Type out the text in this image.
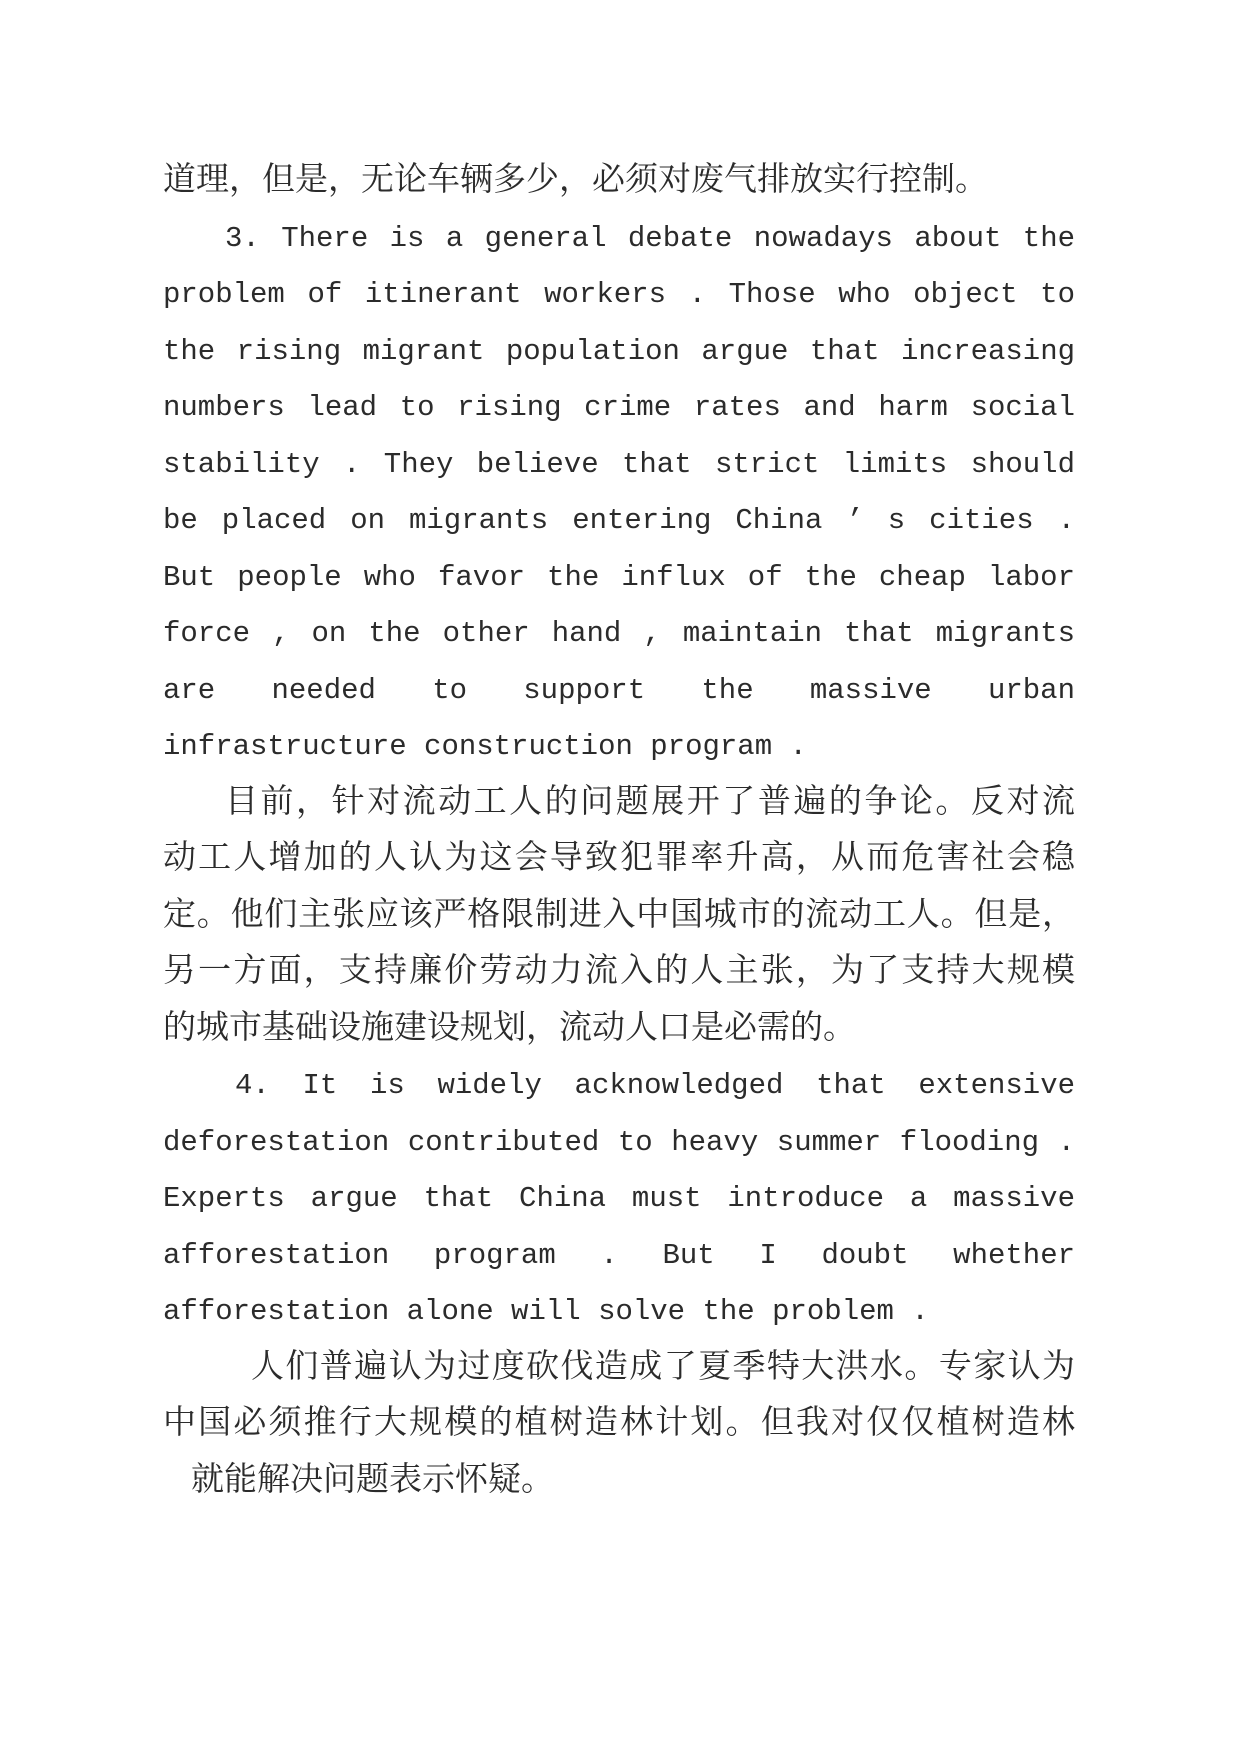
道理，但是，无论车辆多少，必须对废气排放实行控制。
3. There is a general debate nowadays about the
problem of itinerant workers . Those who object to
the rising migrant population argue that increasing
numbers lead to rising crime rates and harm social
stability . They believe that strict limits should
be placed on migrants entering China ’ s cities .
But people who favor the influx of the cheap labor
force , on the other hand , maintain that migrants
are needed to support the massive urban
infrastructure construction program .
目前，针对流动工人的问题展开了普遍的争论。反对流
动工人增加的人认为这会导致犯罪率升高，从而危害社会稳
定。他们主张应该严格限制进入中国城市的流动工人。但是，
另一方面，支持廉价劳动力流入的人主张，为了支持大规模
的城市基础设施建设规划，流动人口是必需的。
4. It is widely acknowledged that extensive
deforestation contributed to heavy summer flooding .
Experts argue that China must introduce a massive
afforestation program . But I doubt whether
afforestation alone will solve the problem .
人们普遍认为过度砍伐造成了夏季特大洪水。专家认为
中国必须推行大规模的植树造林计划。但我对仅仅植树造林
就能解决问题表示怀疑。
